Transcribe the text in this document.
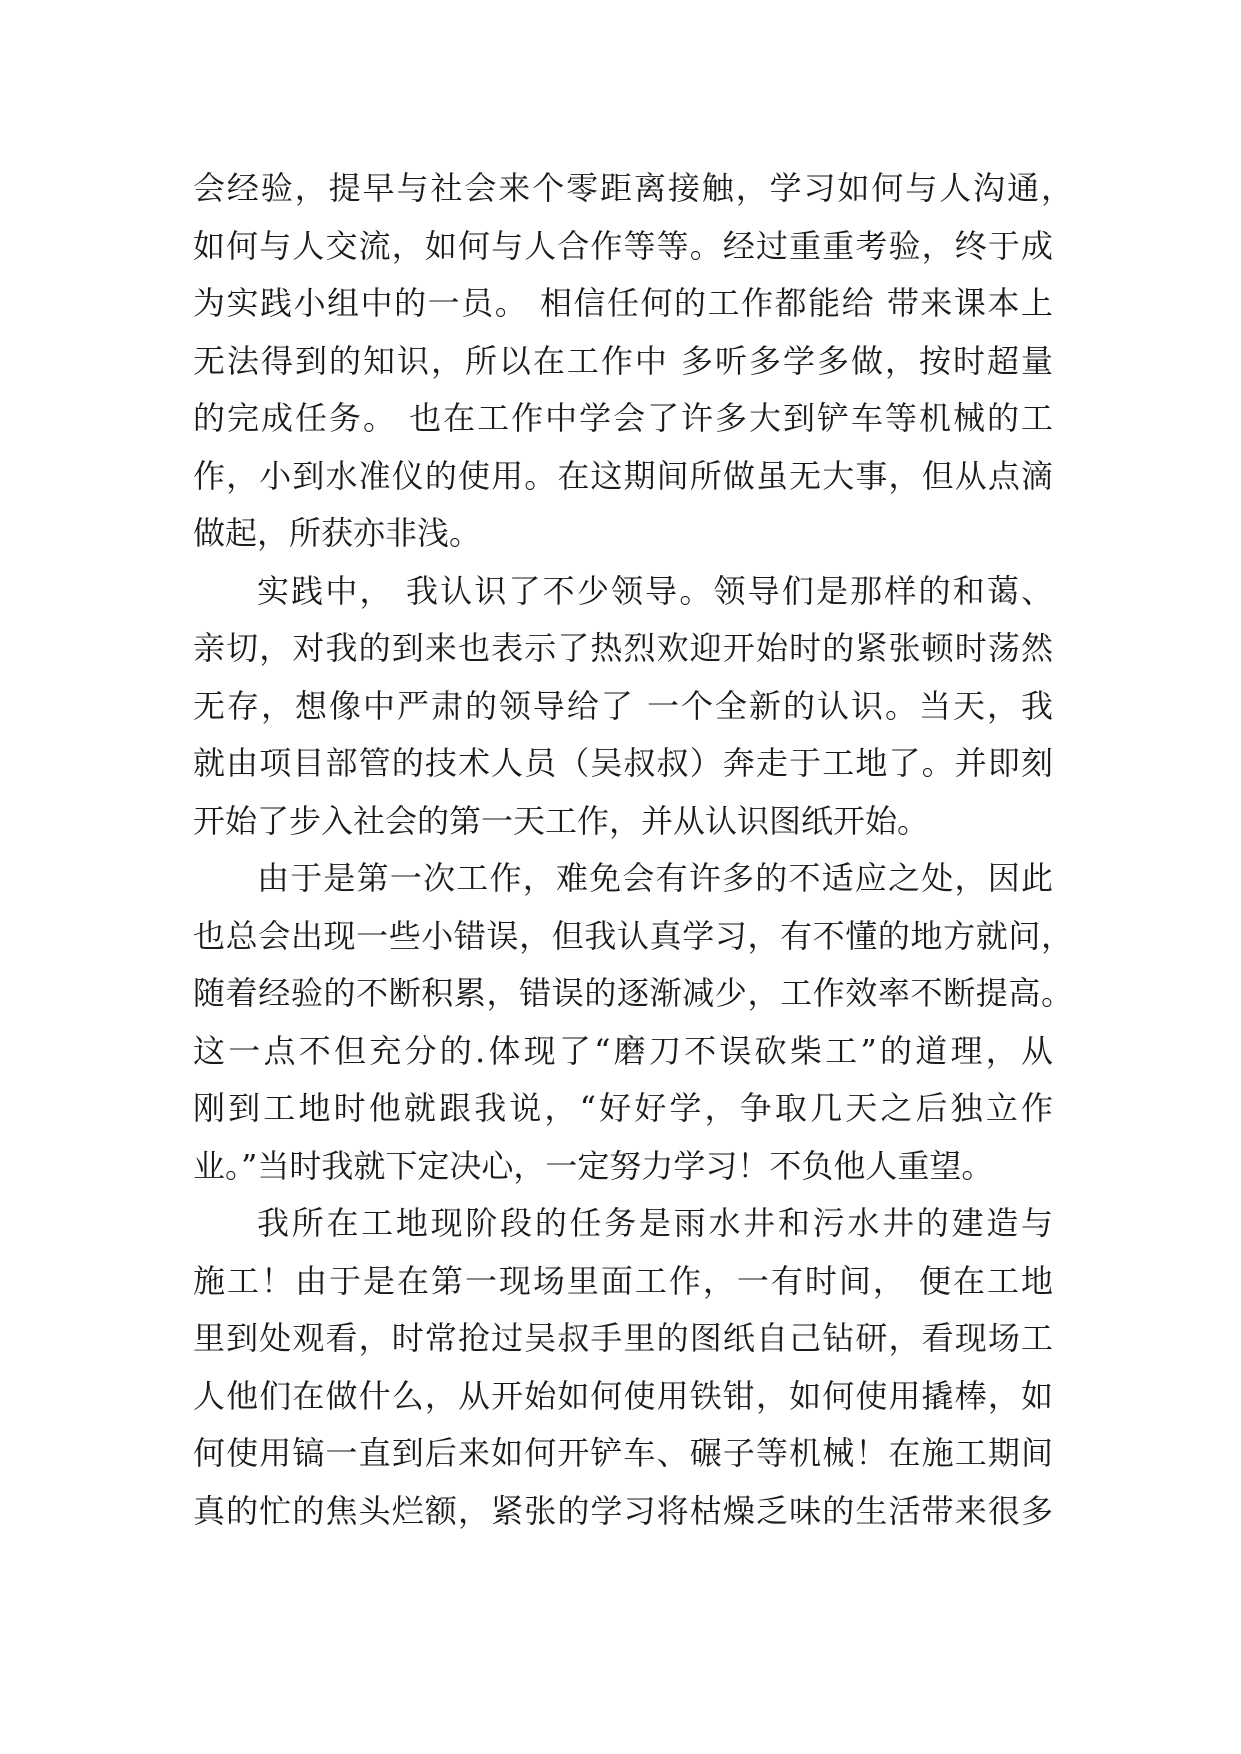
会经验，提早与社会来个零距离接触，学习如何与人沟通，
如何与人交流，如何与人合作等等。经过重重考验，终于成
为实践小组中的一员。 相信任何的工作都能给 带来课本上
无法得到的知识，所以在工作中 多听多学多做，按时超量
的完成任务。 也在工作中学会了许多大到铲车等机械的工
作，小到水准仪的使用。在这期间所做虽无大事，但从点滴
做起，所获亦非浅。
实践中， 我认识了不少领导。领导们是那样的和蔼、
亲切，对我的到来也表示了热烈欢迎开始时的紧张顿时荡然
无存，想像中严肃的领导给了 一个全新的认识。当天，我
就由项目部管的技术人员（吴叔叔）奔走于工地了。并即刻
开始了步入社会的第一天工作，并从认识图纸开始。
由于是第一次工作，难免会有许多的不适应之处，因此
也总会出现一些小错误，但我认真学习，有不懂的地方就问，
随着经验的不断积累，错误的逐渐减少，工作效率不断提高。
这一点不但充分的.体现了“磨刀不误砍柴工”的道理，从
刚到工地时他就跟我说，“好好学，争取几天之后独立作
业。”当时我就下定决心，一定努力学习！不负他人重望。
我所在工地现阶段的任务是雨水井和污水井的建造与
施工！由于是在第一现场里面工作，一有时间， 便在工地
里到处观看，时常抢过吴叔手里的图纸自己钻研，看现场工
人他们在做什么，从开始如何使用铁钳，如何使用撬棒，如
何使用镐一直到后来如何开铲车、碾子等机械！在施工期间
真的忙的焦头烂额，紧张的学习将枯燥乏味的生活带来很多
